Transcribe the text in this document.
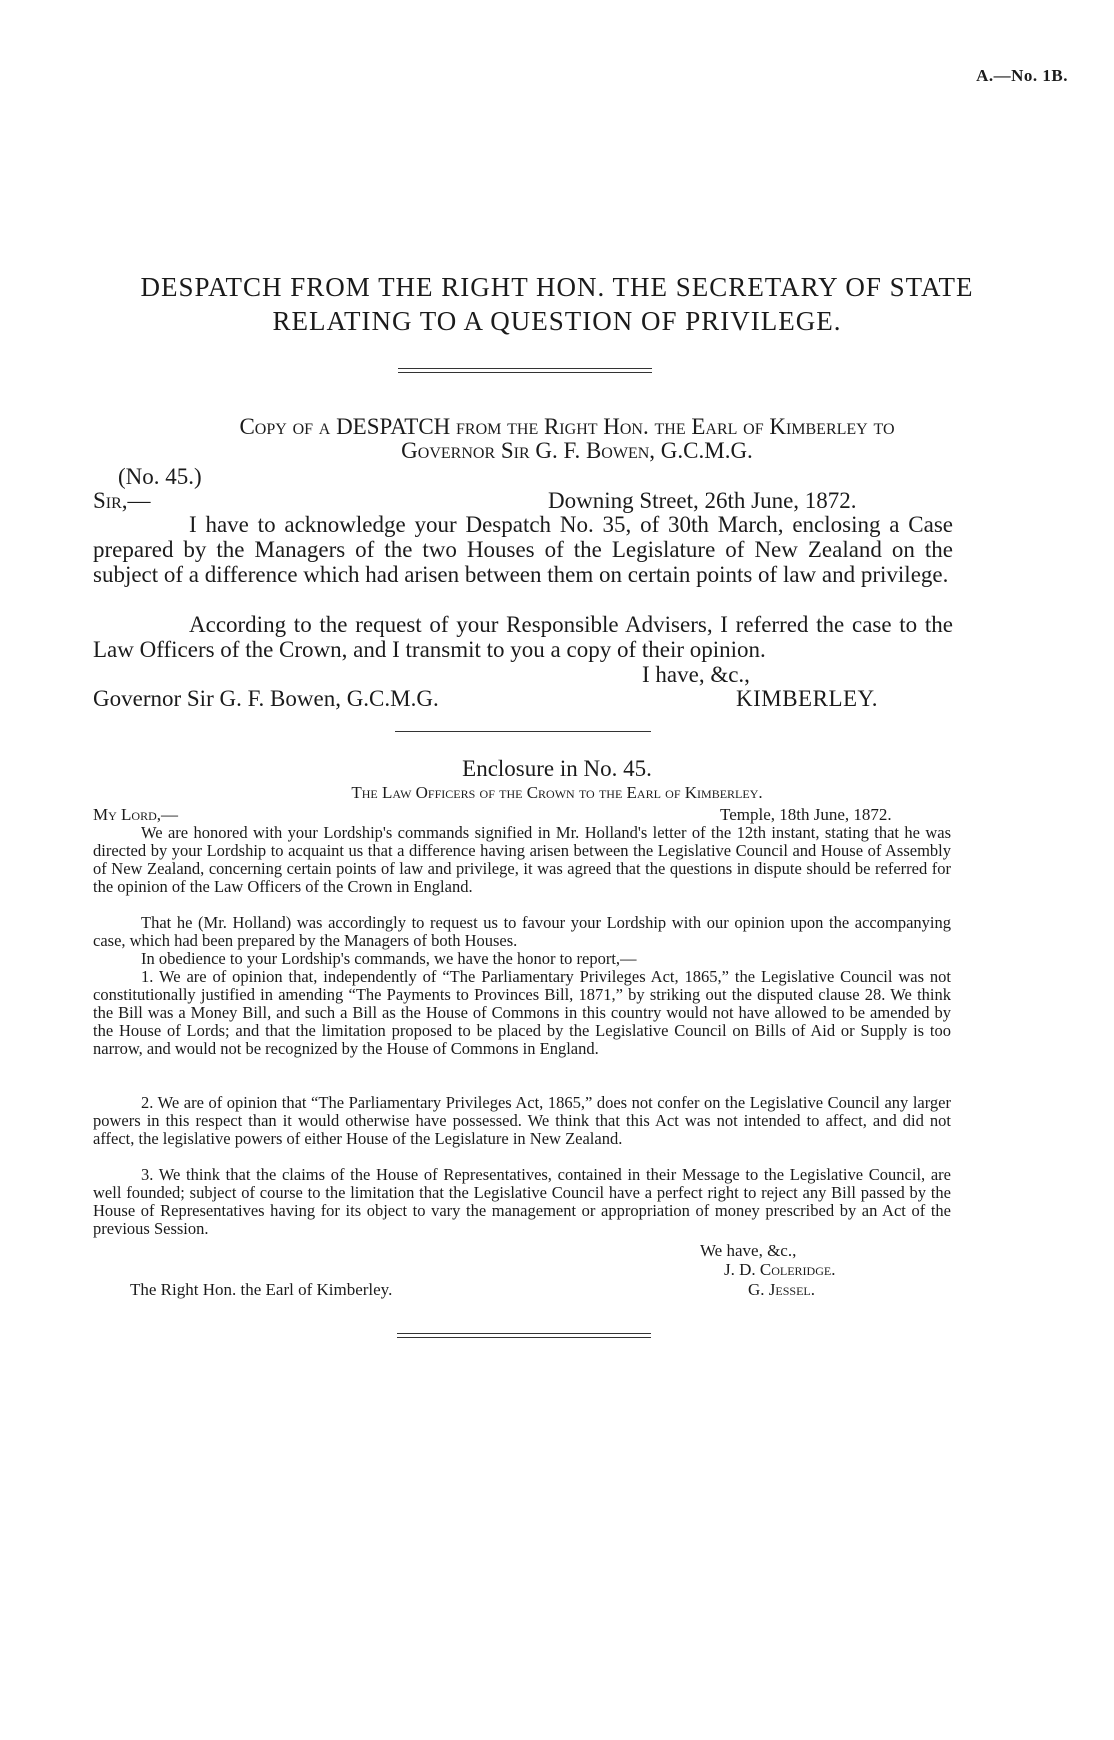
A.—No. 1B.
DESPATCH FROM THE RIGHT HON. THE SECRETARY OF STATE
RELATING TO A QUESTION OF PRIVILEGE.
Copy of a DESPATCH from the Right Hon. the Earl of Kimberley to
Governor Sir G. F. Bowen, G.C.M.G.
(No. 45.)
Sir,—	Downing Street, 26th June, 1872.
I have to acknowledge your Despatch No. 35, of 30th March, enclosing a Case prepared by the Managers of the two Houses of the Legislature of New Zealand on the subject of a difference which had arisen between them on certain points of law and privilege.
According to the request of your Responsible Advisers, I referred the case to the Law Officers of the Crown, and I transmit to you a copy of their opinion.
I have, &c.,
Governor Sir G. F. Bowen, G.C.M.G.	KIMBERLEY.
Enclosure in No. 45.
The Law Officers of the Crown to the Earl of Kimberley.
My Lord,—	Temple, 18th June, 1872.
We are honored with your Lordship's commands signified in Mr. Holland's letter of the 12th instant, stating that he was directed by your Lordship to acquaint us that a difference having arisen between the Legislative Council and House of Assembly of New Zealand, concerning certain points of law and privilege, it was agreed that the questions in dispute should be referred for the opinion of the Law Officers of the Crown in England.
That he (Mr. Holland) was accordingly to request us to favour your Lordship with our opinion upon the accompanying case, which had been prepared by the Managers of both Houses.
In obedience to your Lordship's commands, we have the honor to report,—
1. We are of opinion that, independently of “The Parliamentary Privileges Act, 1865,” the Legislative Council was not constitutionally justified in amending “The Payments to Provinces Bill, 1871,” by striking out the disputed clause 28. We think the Bill was a Money Bill, and such a Bill as the House of Commons in this country would not have allowed to be amended by the House of Lords; and that the limitation proposed to be placed by the Legislative Council on Bills of Aid or Supply is too narrow, and would not be recognized by the House of Commons in England.
2. We are of opinion that “The Parliamentary Privileges Act, 1865,” does not confer on the Legislative Council any larger powers in this respect than it would otherwise have possessed. We think that this Act was not intended to affect, and did not affect, the legislative powers of either House of the Legislature in New Zealand.
3. We think that the claims of the House of Representatives, contained in their Message to the Legislative Council, are well founded; subject of course to the limitation that the Legislative Council have a perfect right to reject any Bill passed by the House of Representatives having for its object to vary the management or appropriation of money prescribed by an Act of the previous Session.
We have, &c.,
J. D. Coleridge.
The Right Hon. the Earl of Kimberley.	G. Jessel.
